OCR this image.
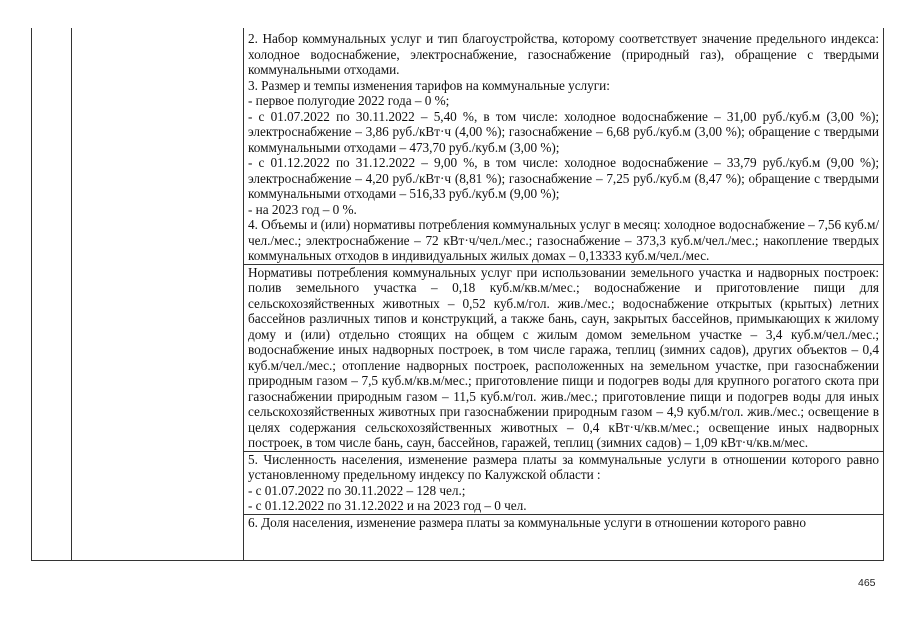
2. Набор коммунальных услуг и тип благоустройства, которому соответствует значение предельного индекса: холодное водоснабжение, электроснабжение, газоснабжение (природный газ), обращение с твердыми коммунальными отходами.

3. Размер и темпы изменения тарифов на коммунальные услуги:

- первое полугодие 2022 года – 0 %;

- с 01.07.2022 по 30.11.2022 – 5,40 %, в том числе: холодное водоснабжение – 31,00 руб./куб.м (3,00 %); электроснабжение – 3,86 руб./кВт·ч (4,00 %); газоснабжение – 6,68 руб./куб.м (3,00 %); обращение с твердыми коммунальными отходами – 473,70 руб./куб.м (3,00 %);

- с 01.12.2022 по 31.12.2022 – 9,00 %, в том числе: холодное водоснабжение – 33,79 руб./куб.м (9,00 %); электроснабжение – 4,20 руб./кВт·ч (8,81 %); газоснабжение – 7,25 руб./куб.м (8,47 %); обращение с твердыми коммунальными отходами – 516,33 руб./куб.м (9,00 %);

- на 2023 год – 0 %.

4. Объемы и (или) нормативы потребления коммунальных услуг в месяц: холодное водоснабжение – 7,56 куб.м/чел./мес.; электроснабжение – 72 кВт·ч/чел./мес.; газоснабжение – 373,3 куб.м/чел./мес.; накопление твердых коммунальных отходов в индивидуальных жилых домах – 0,13333 куб.м/чел./мес.

Нормативы потребления коммунальных услуг при использовании земельного участка и надворных построек: полив земельного участка – 0,18 куб.м/кв.м/мес.; водоснабжение и приготовление пищи для сельскохозяйственных животных – 0,52 куб.м/гол. жив./мес.; водоснабжение открытых (крытых) летних бассейнов различных типов и конструкций, а также бань, саун, закрытых бассейнов, примыкающих к жилому дому и (или) отдельно стоящих на общем с жилым домом земельном участке – 3,4 куб.м/чел./мес.; водоснабжение иных надворных построек, в том числе гаража, теплиц (зимних садов), других объектов – 0,4 куб.м/чел./мес.; отопление надворных построек, расположенных на земельном участке, при газоснабжении природным газом – 7,5 куб.м/кв.м/мес.; приготовление пищи и подогрев воды для крупного рогатого скота при газоснабжении природным газом – 11,5 куб.м/гол. жив./мес.; приготовление пищи и подогрев воды для иных сельскохозяйственных животных при газоснабжении природным газом – 4,9 куб.м/гол. жив./мес.; освещение в целях содержания сельскохозяйственных животных – 0,4 кВт·ч/кв.м/мес.; освещение иных надворных построек, в том числе бань, саун, бассейнов, гаражей, теплиц (зимних садов) – 1,09 кВт·ч/кв.м/мес.

5. Численность населения, изменение размера платы за коммунальные услуги в отношении которого равно установленному предельному индексу по Калужской области :

- с 01.07.2022 по 30.11.2022 – 128 чел.;

- с 01.12.2022 по 31.12.2022 и на 2023 год – 0 чел.

6. Доля населения, изменение размера платы за коммунальные услуги в отношении которого равно

465
